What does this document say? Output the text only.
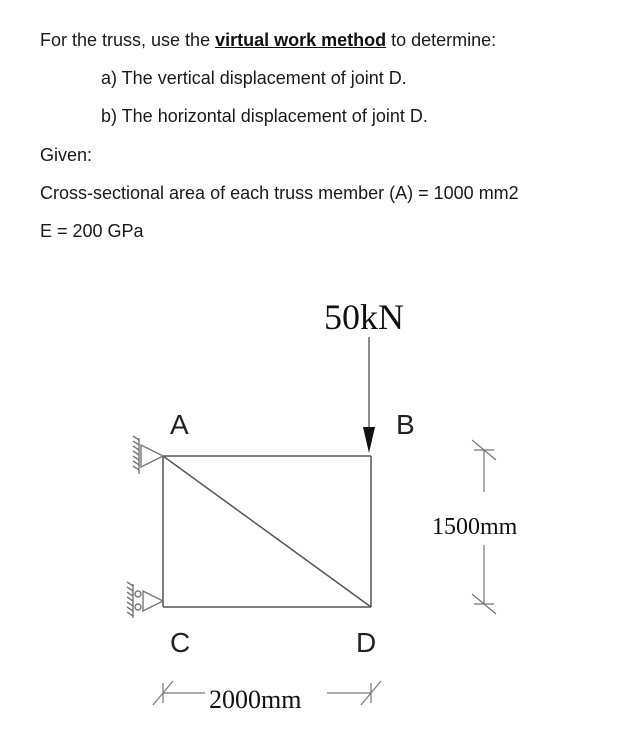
For the truss, use the virtual work method to determine:
a) The vertical displacement of joint D.
b) The horizontal displacement of joint D.
Given:
Cross-sectional area of each truss member (A) = 1000 mm2
E = 200 GPa
50kN
A	B
C	D
2000mm
1500mm
